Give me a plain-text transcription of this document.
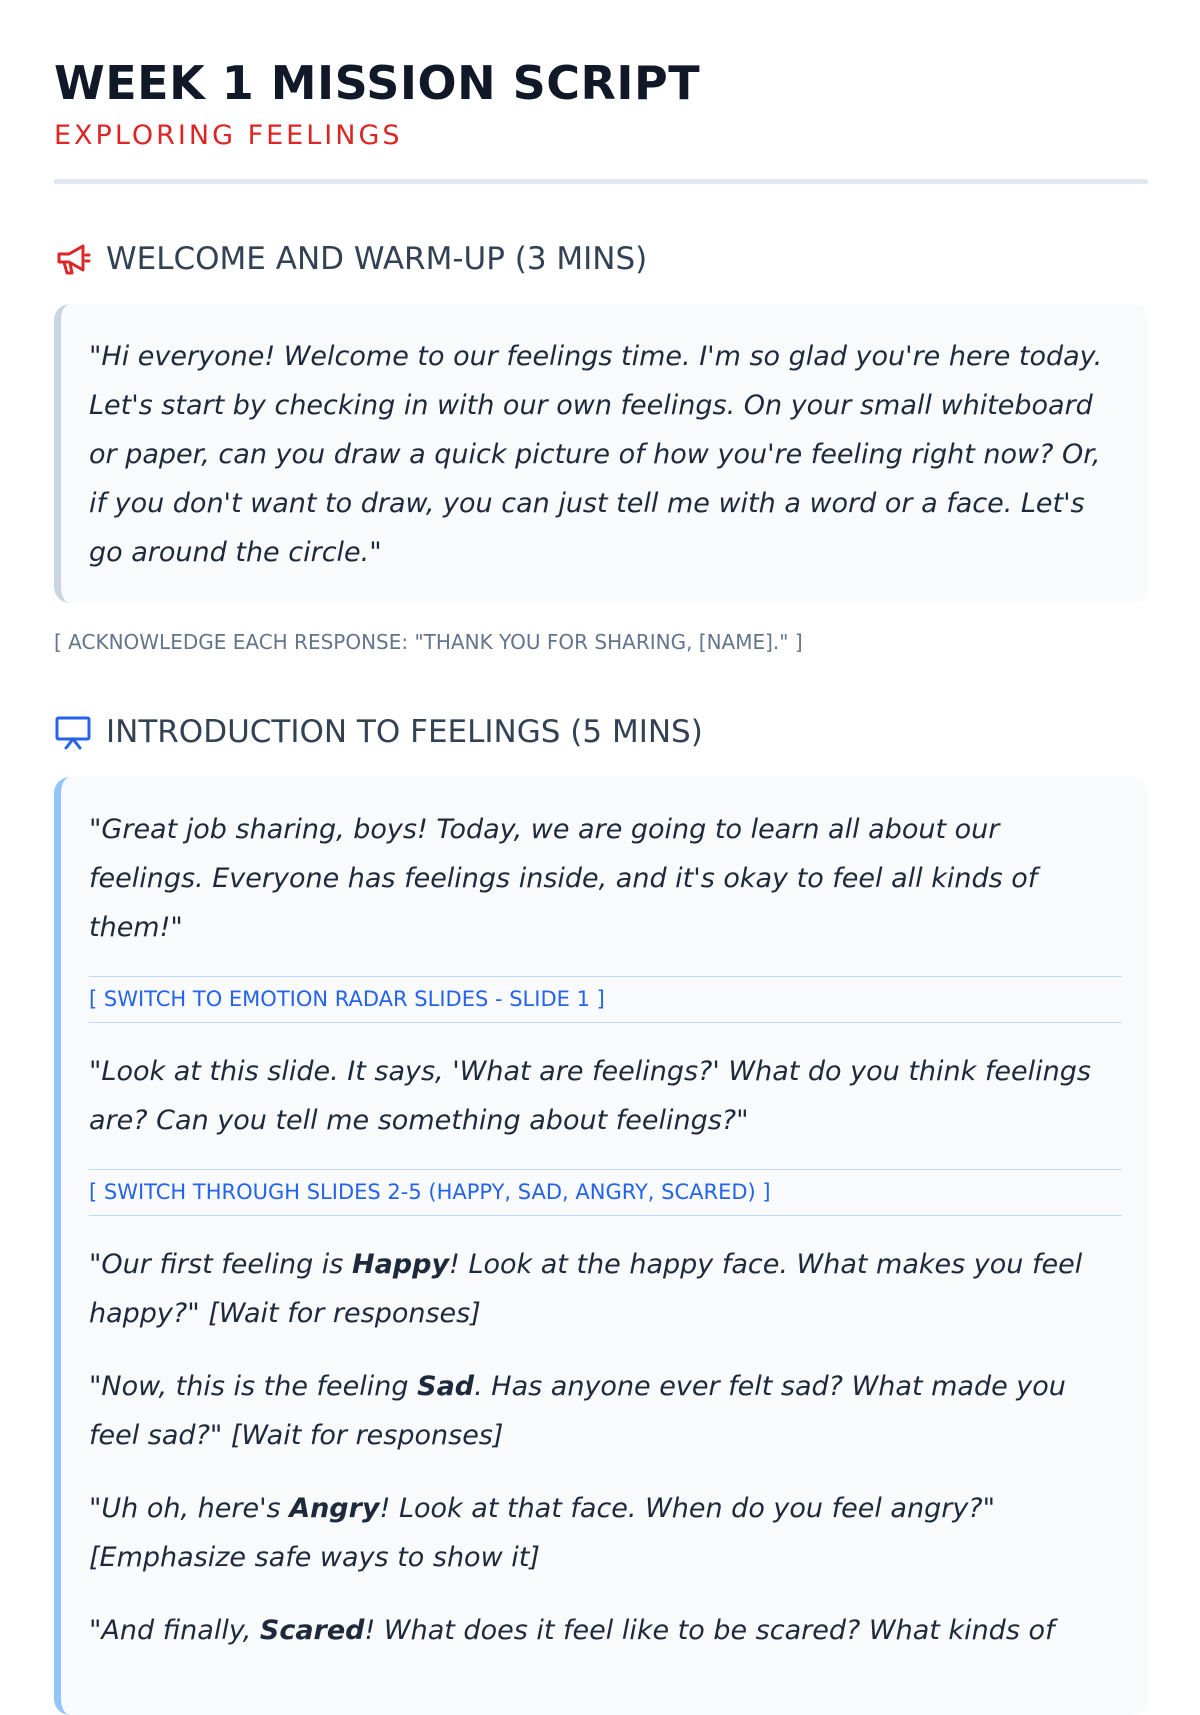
WEEK 1 MISSION SCRIPT
EXPLORING FEELINGS
WELCOME AND WARM-UP (3 MINS)

"Hi everyone! Welcome to our feelings time. I'm so glad you're here today. Let's start by checking in with our own feelings. On your small whiteboard or paper, can you draw a quick picture of how you're feeling right now? Or, if you don't want to draw, you can just tell me with a word or a face. Let's go around the circle."

[ ACKNOWLEDGE EACH RESPONSE: "THANK YOU FOR SHARING, [NAME]." ]
INTRODUCTION TO FEELINGS (5 MINS)

"Great job sharing, boys! Today, we are going to learn all about our feelings. Everyone has feelings inside, and it's okay to feel all kinds of them!"

[ SWITCH TO EMOTION RADAR SLIDES - SLIDE 1 ]

"Look at this slide. It says, 'What are feelings?' What do you think feelings are? Can you tell me something about feelings?"

[ SWITCH THROUGH SLIDES 2-5 (HAPPY, SAD, ANGRY, SCARED) ]

"Our first feeling is Happy! Look at the happy face. What makes you feel happy?" [Wait for responses]

"Now, this is the feeling Sad. Has anyone ever felt sad? What made you feel sad?" [Wait for responses]

"Uh oh, here's Angry! Look at that face. When do you feel angry?" [Emphasize safe ways to show it]

"And finally, Scared! What does it feel like to be scared? What kinds of
